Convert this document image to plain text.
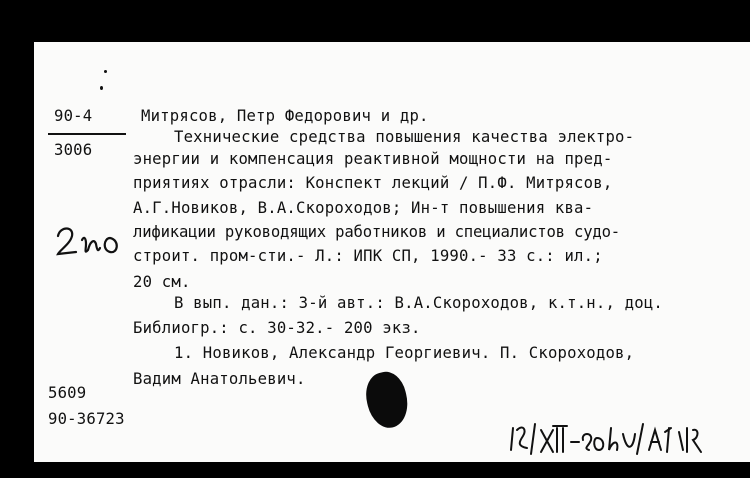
90-4
3006
Митрясов, Петр Федорович и др.
Технические средства повышения качества электро-
энергии и компенсация реактивной мощности на пред-
приятиях отрасли: Конспект лекций / П.Ф. Митрясов,
А.Г.Новиков, В.А.Скороходов; Ин-т повышения ква-
лификации руководящих работников и специалистов судо-
строит. пром-сти.- Л.: ИПК СП, 1990.- 33 с.: ил.;
20 см.
В вып. дан.: 3-й авт.: В.А.Скороходов, к.т.н., доц.
Библиогр.: с. 30-32.- 200 экз.
1. Новиков, Александр Георгиевич. П. Скороходов,
Вадим Анатольевич.
5609
90-36723
